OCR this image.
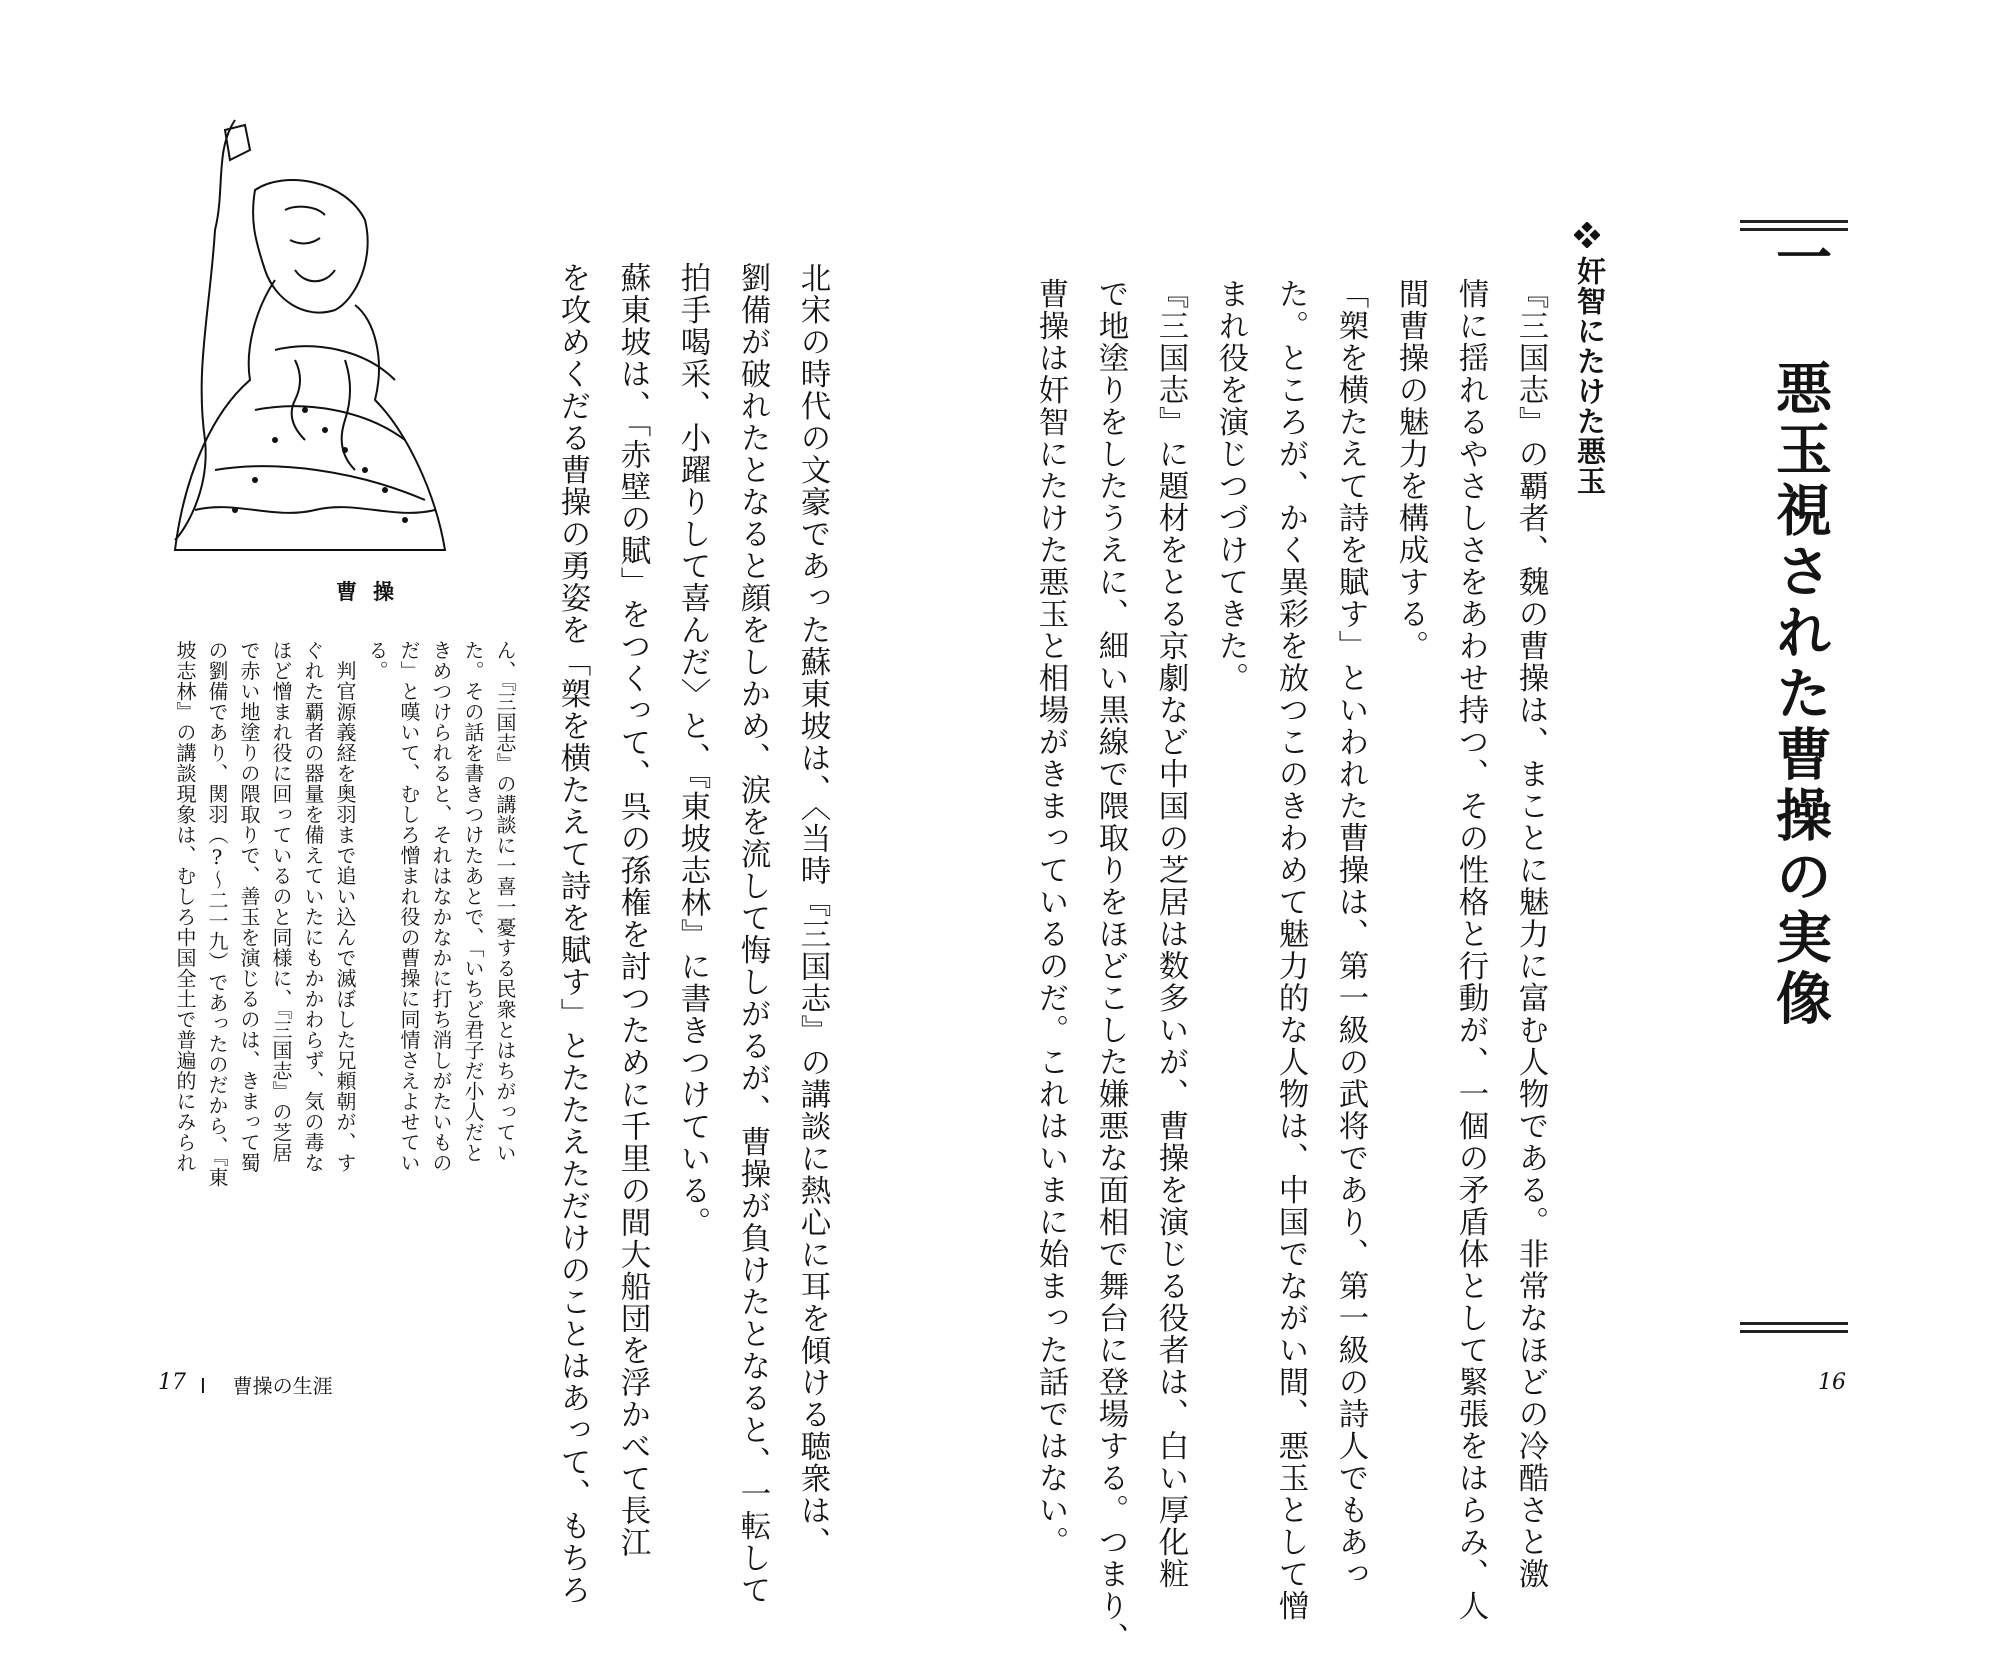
一悪玉視された曹操の実像
奸智にたけた悪玉
『三国志』の覇者、魏の曹操は、まことに魅力に富む人物である。非常なほどの冷酷さと激
情に揺れるやさしさをあわせ持つ、その性格と行動が、一個の矛盾体として緊張をはらみ、人
間曹操の魅力を構成する。
「槊を横たえて詩を賦す」といわれた曹操は、第一級の武将であり、第一級の詩人でもあっ
た。ところが、かく異彩を放つこのきわめて魅力的な人物は、中国でながい間、悪玉として憎
まれ役を演じつづけてきた。
『三国志』に題材をとる京劇など中国の芝居は数多いが、曹操を演じる役者は、白い厚化粧
で地塗りをしたうえに、細い黒線で隈取りをほどこした嫌悪な面相で舞台に登場する。つまり、
曹操は奸智にたけた悪玉と相場がきまっているのだ。これはいまに始まった話ではない。	16
曹操
17 Ⅰ 曹操の生涯	北宋の時代の文豪であった蘇東坡は、〈当時『三国志』の講談に熱心に耳を傾ける聴衆は、
劉備が破れたとなると顔をしかめ、涙を流して悔しがるが、曹操が負けたとなると、一転して
拍手喝采、小躍りして喜んだ〉と、『東坡志林』に書きつけている。
蘇東坡は、「赤壁の賦」をつくって、呉の孫権を討つために千里の間大船団を浮かべて長江
を攻めくだる曹操の勇姿を「槊を横たえて詩を賦す」とたたえただけのことはあって、もちろ
ん、『三国志』の講談に一喜一憂する民衆とはちがってい
た。その話を書きつけたあとで、「いちど君子だ小人だと
きめつけられると、それはなかなかに打ち消しがたいもの
だ」と嘆いて、むしろ憎まれ役の曹操に同情さえよせてい
る。
　判官源義経を奥羽まで追い込んで滅ぼした兄頼朝が、す
ぐれた覇者の器量を備えていたにもかかわらず、気の毒な
ほど憎まれ役に回っているのと同様に、『三国志』の芝居
で赤い地塗りの隈取りで、善玉を演じるのは、きまって蜀
の劉備であり、関羽（?〜二一九）であったのだから、『東
坡志林』の講談現象は、むしろ中国全土で普遍的にみられ
